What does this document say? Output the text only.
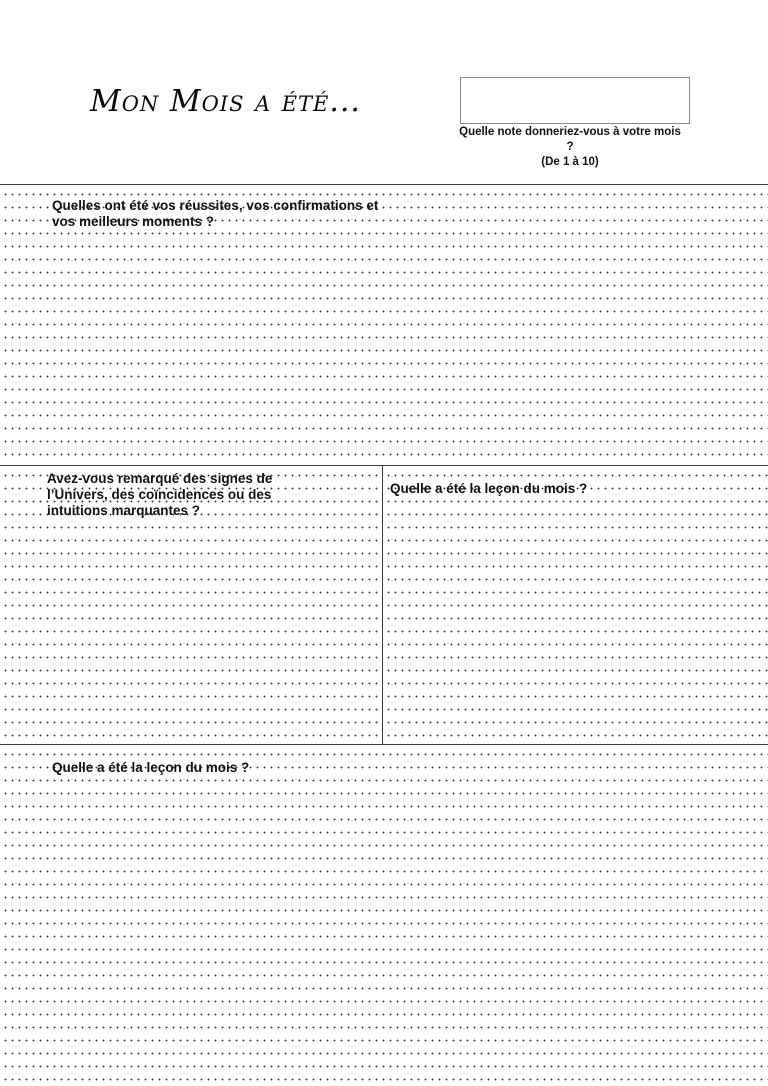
Mon Mois a été...
Quelle note donneriez-vous à votre mois ?
(De 1 à 10)
Quelles ont été vos réussites, vos confirmations et vos meilleurs moments ?
Avez-vous remarqué des signes de l’Univers, des coïncidences ou des intuitions marquantes ?
Quelle a été la leçon du mois ?
Quelle a été la leçon du mois ?
